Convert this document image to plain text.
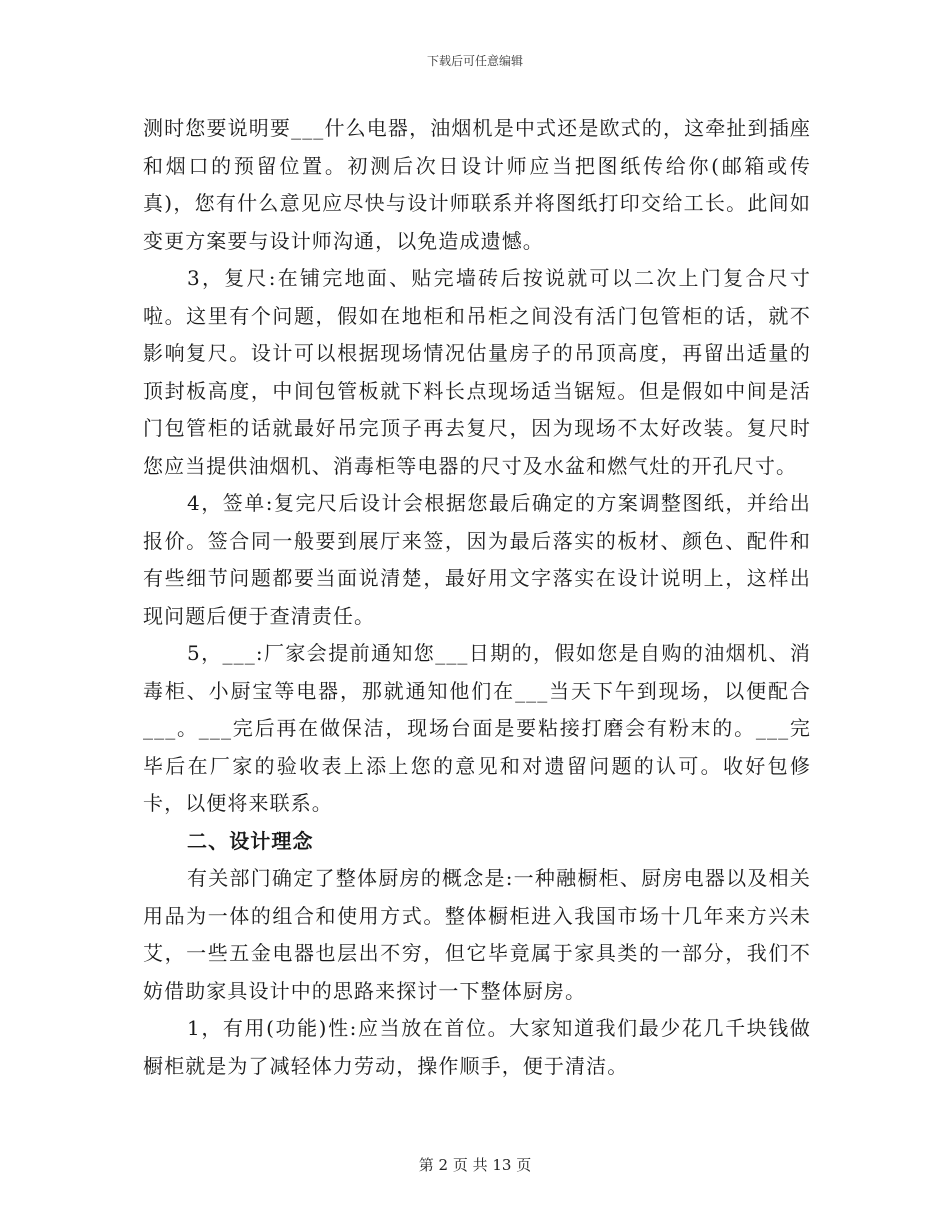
下载后可任意编辑

测时您要说明要___什么电器，油烟机是中式还是欧式的，这牵扯到插座和烟口的预留位置。初测后次日设计师应当把图纸传给你(邮箱或传真)，您有什么意见应尽快与设计师联系并将图纸打印交给工长。此间如变更方案要与设计师沟通，以免造成遗憾。

3，复尺:在铺完地面、贴完墙砖后按说就可以二次上门复合尺寸啦。这里有个问题，假如在地柜和吊柜之间没有活门包管柜的话，就不影响复尺。设计可以根据现场情况估量房子的吊顶高度，再留出适量的顶封板高度，中间包管板就下料长点现场适当锯短。但是假如中间是活门包管柜的话就最好吊完顶子再去复尺，因为现场不太好改装。复尺时您应当提供油烟机、消毒柜等电器的尺寸及水盆和燃气灶的开孔尺寸。

4，签单:复完尺后设计会根据您最后确定的方案调整图纸，并给出报价。签合同一般要到展厅来签，因为最后落实的板材、颜色、配件和有些细节问题都要当面说清楚，最好用文字落实在设计说明上，这样出现问题后便于查清责任。

5，___:厂家会提前通知您___日期的，假如您是自购的油烟机、消毒柜、小厨宝等电器，那就通知他们在___当天下午到现场，以便配合___。___完后再在做保洁，现场台面是要粘接打磨会有粉末的。___完毕后在厂家的验收表上添上您的意见和对遗留问题的认可。收好包修卡，以便将来联系。

二、设计理念

有关部门确定了整体厨房的概念是:一种融橱柜、厨房电器以及相关用品为一体的组合和使用方式。整体橱柜进入我国市场十几年来方兴未艾，一些五金电器也层出不穷，但它毕竟属于家具类的一部分，我们不妨借助家具设计中的思路来探讨一下整体厨房。

1，有用(功能)性:应当放在首位。大家知道我们最少花几千块钱做橱柜就是为了减轻体力劳动，操作顺手，便于清洁。

第 2 页 共 13 页
